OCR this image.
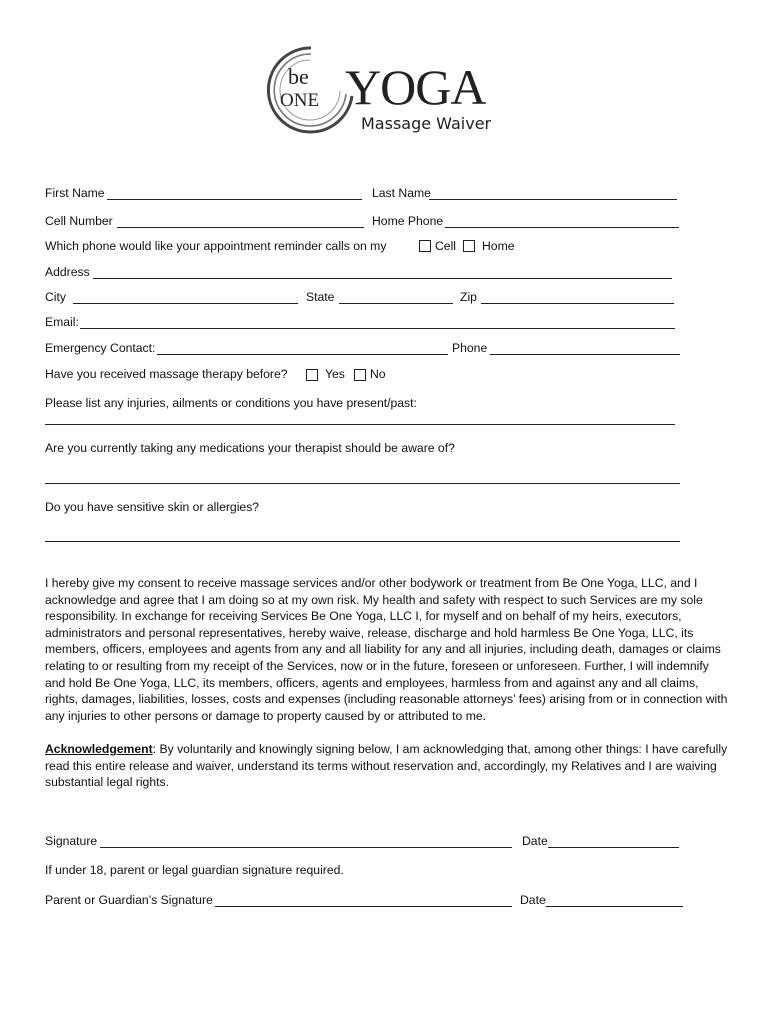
be
ONE YOGA
Massage Waiver
First Name	Last Name
Cell Number	Home Phone
Which phone would like your appointment reminder calls on my	Cell Home
Address
City	State	Zip
Email:
Emergency Contact:	Phone
Have you received massage therapy before?	Yes No
Please list any injuries, ailments or conditions you have present/past:
Are you currently taking any medications your therapist should be aware of?
Do you have sensitive skin or allergies?
I hereby give my consent to receive massage services and/or other bodywork or treatment from Be One Yoga, LLC, and I acknowledge and agree that I am doing so at my own risk. My health and safety with respect to such Services are my sole responsibility. In exchange for receiving Services Be One Yoga, LLC I, for myself and on behalf of my heirs, executors, administrators and personal representatives, hereby waive, release, discharge and hold harmless Be One Yoga, LLC, its members, officers, employees and agents from any and all liability for any and all injuries, including death, damages or claims relating to or resulting from my receipt of the Services, now or in the future, foreseen or unforeseen. Further, I will indemnify and hold Be One Yoga, LLC, its members, officers, agents and employees, harmless from and against any and all claims, rights, damages, liabilities, losses, costs and expenses (including reasonable attorneys’ fees) arising from or in connection with any injuries to other persons or damage to property caused by or attributed to me.
Acknowledgement: By voluntarily and knowingly signing below, I am acknowledging that, among other things: I have carefully read this entire release and waiver, understand its terms without reservation and, accordingly, my Relatives and I are waiving substantial legal rights.
Signature	Date
If under 18, parent or legal guardian signature required.
Parent or Guardian’s Signature	Date
